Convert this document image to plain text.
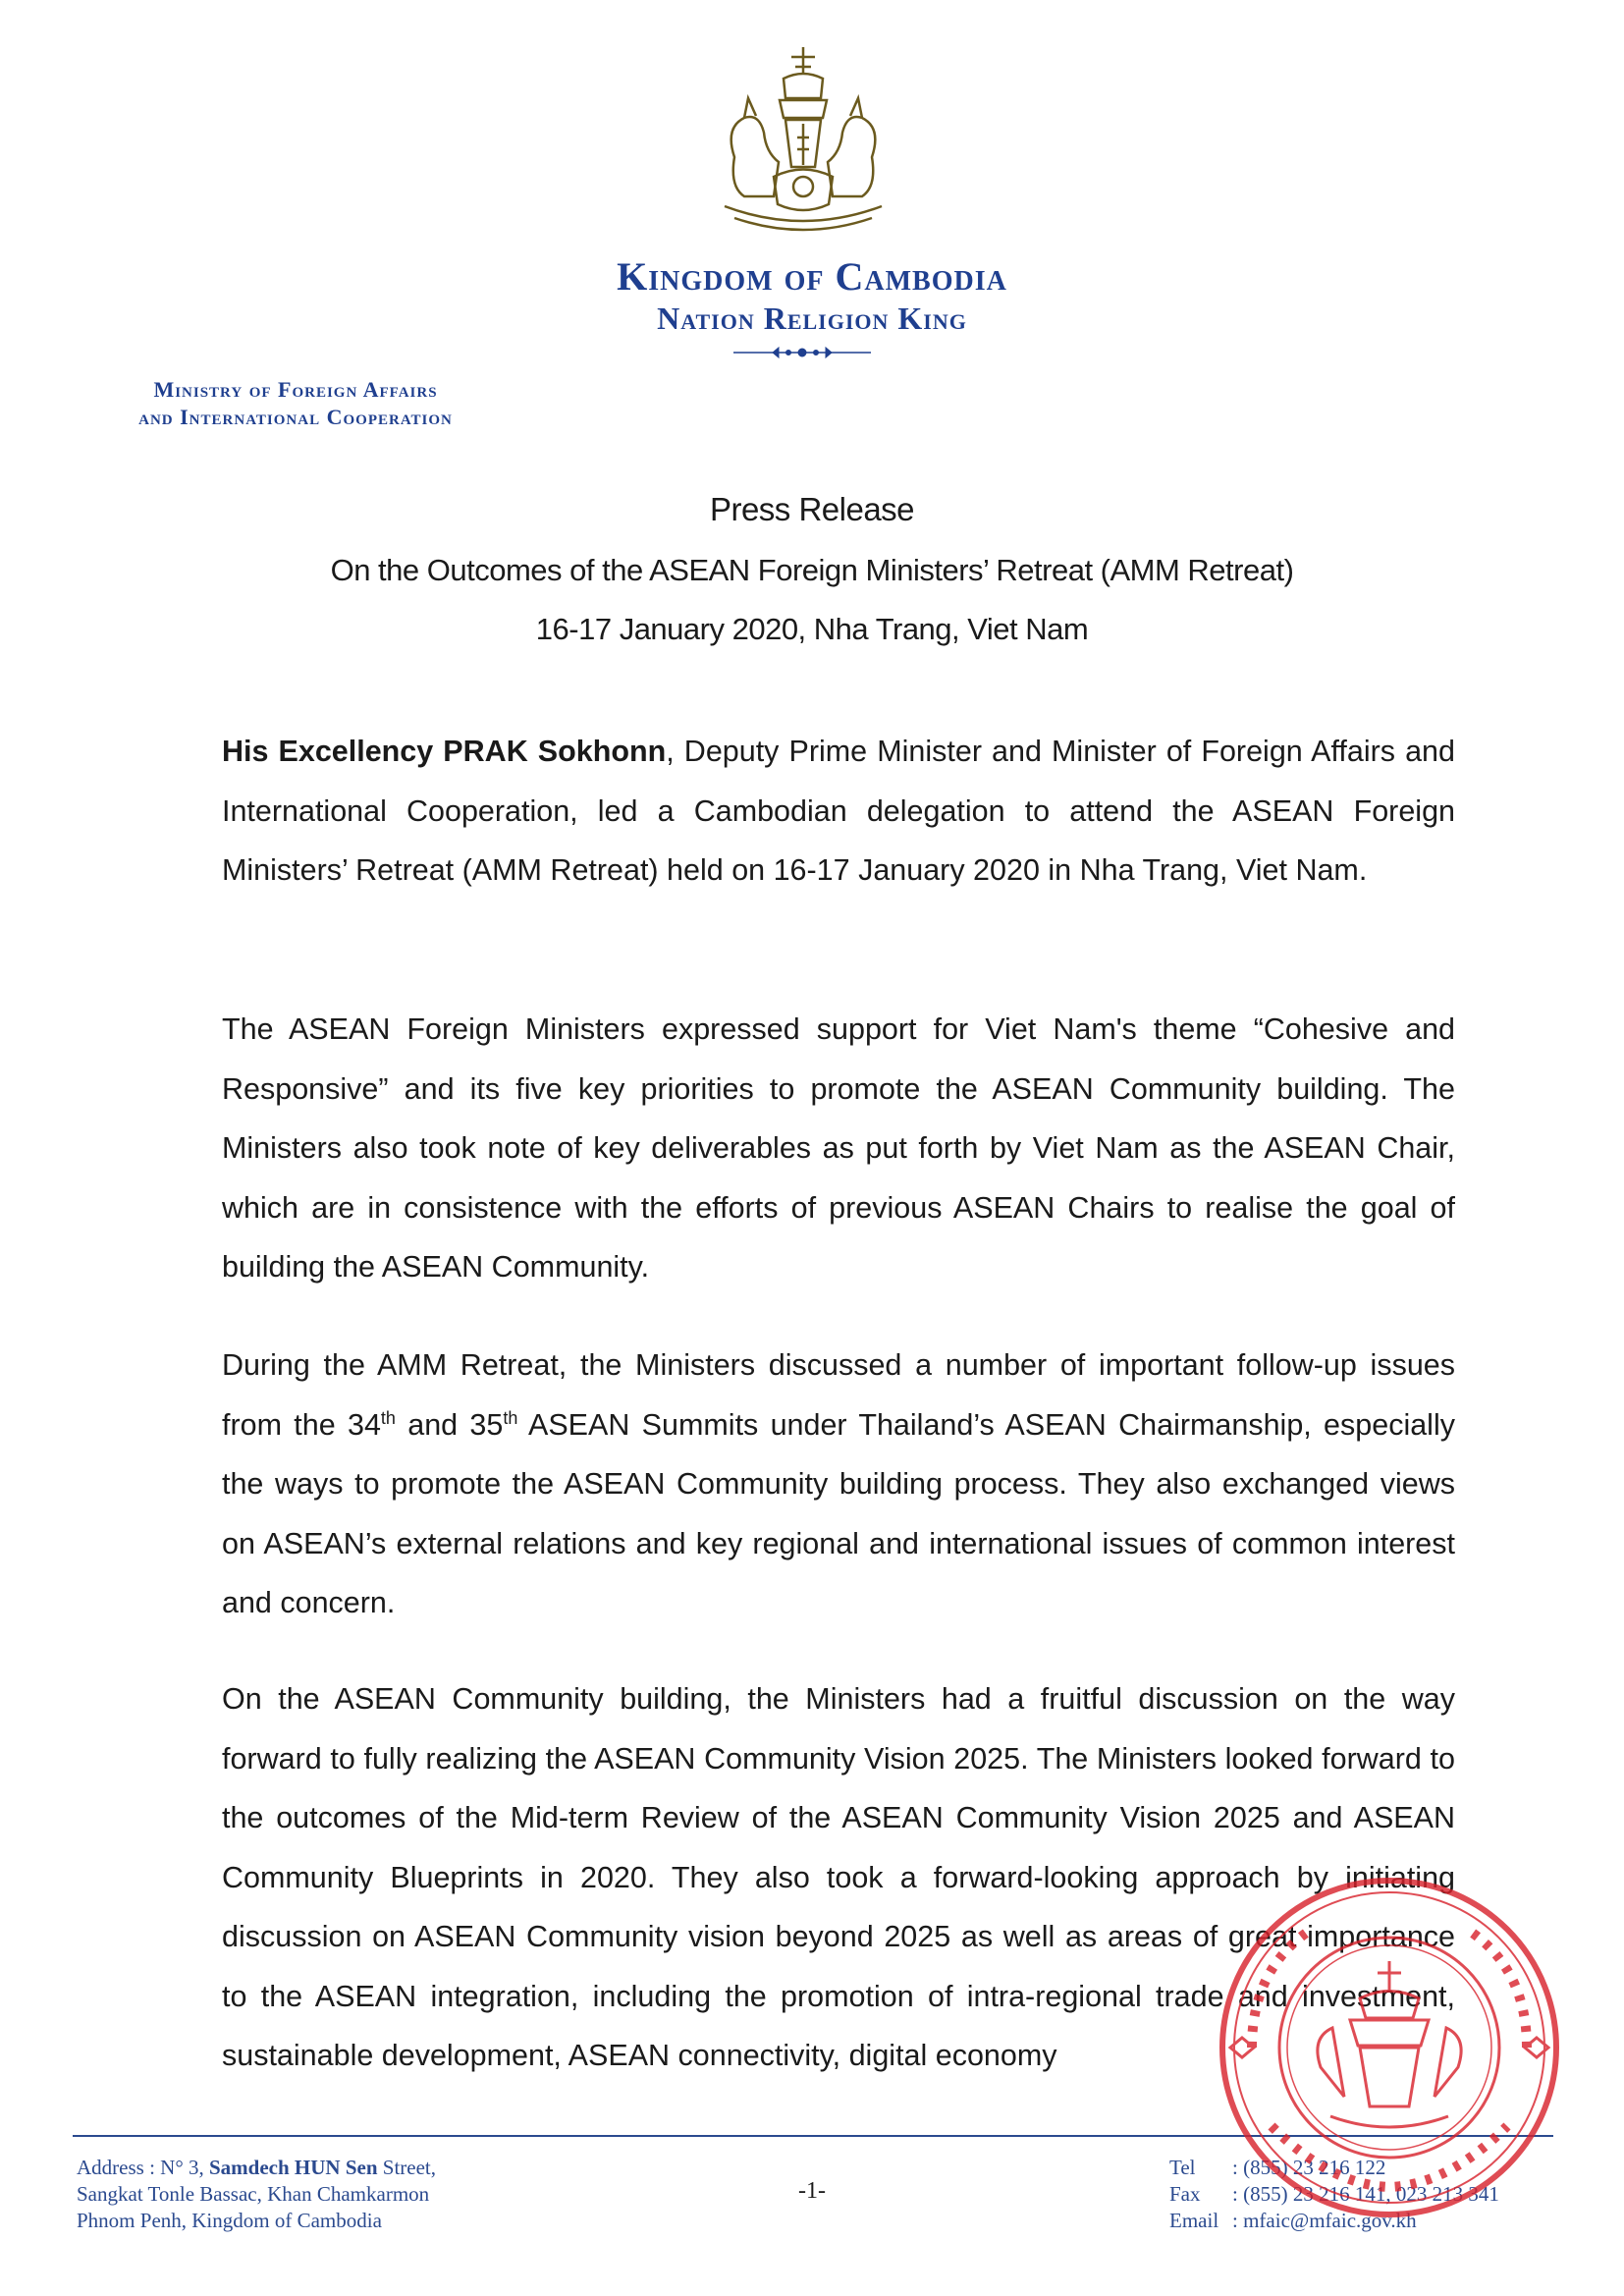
Kingdom of Cambodia
Nation Religion King
Ministry of Foreign Affairs
and International Cooperation
Press Release
On the Outcomes of the ASEAN Foreign Ministers’ Retreat (AMM Retreat)
16-17 January 2020, Nha Trang, Viet Nam
His Excellency PRAK Sokhonn, Deputy Prime Minister and Minister of Foreign Affairs and International Cooperation, led a Cambodian delegation to attend the ASEAN Foreign Ministers’ Retreat (AMM Retreat) held on 16-17 January 2020 in Nha Trang, Viet Nam.
The ASEAN Foreign Ministers expressed support for Viet Nam's theme “Cohesive and Responsive” and its five key priorities to promote the ASEAN Community building. The Ministers also took note of key deliverables as put forth by Viet Nam as the ASEAN Chair, which are in consistence with the efforts of previous ASEAN Chairs to realise the goal of building the ASEAN Community.
During the AMM Retreat, the Ministers discussed a number of important follow-up issues from the 34th and 35th ASEAN Summits under Thailand’s ASEAN Chairmanship, especially the ways to promote the ASEAN Community building process. They also exchanged views on ASEAN’s external relations and key regional and international issues of common interest and concern.
On the ASEAN Community building, the Ministers had a fruitful discussion on the way forward to fully realizing the ASEAN Community Vision 2025. The Ministers looked forward to the outcomes of the Mid-term Review of the ASEAN Community Vision 2025 and ASEAN Community Blueprints in 2020. They also took a forward-looking approach by initiating discussion on ASEAN Community vision beyond 2025 as well as areas of great importance to the ASEAN integration, including the promotion of intra-regional trade and investment, sustainable development, ASEAN connectivity, digital economy
Address : N° 3, Samdech HUN Sen Street,
Sangkat Tonle Bassac, Khan Chamkarmon
Phnom Penh, Kingdom of Cambodia
-1-
Tel : (855) 23 216 122
Fax : (855) 23 216 141, 023 213 341
Email : mfaic@mfaic.gov.kh
